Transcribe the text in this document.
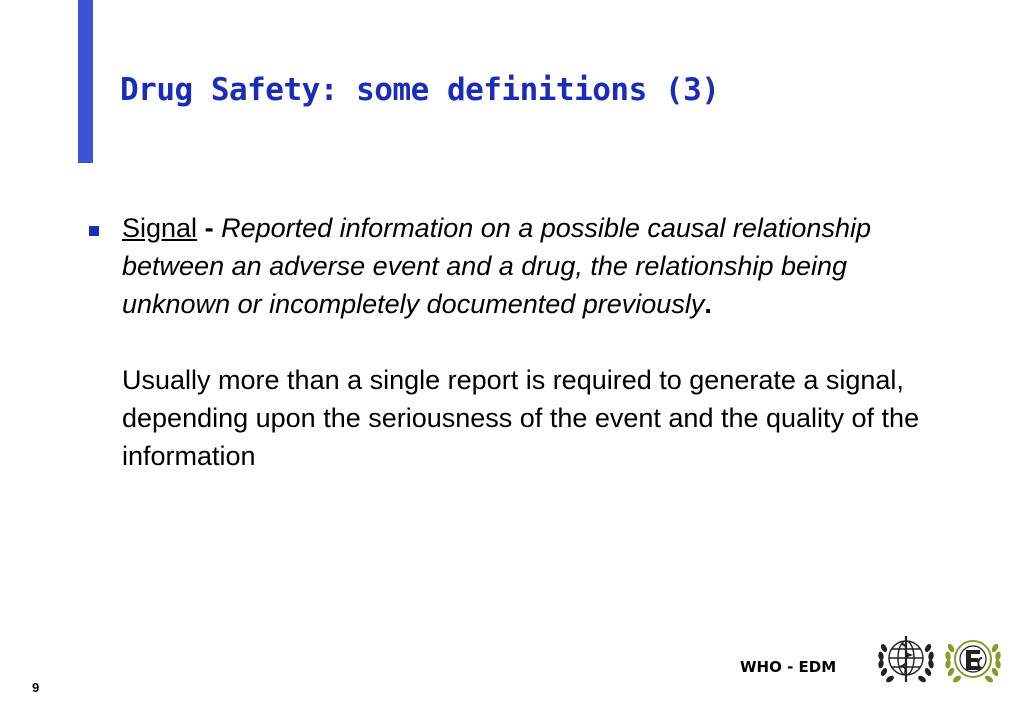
Drug Safety: some definitions (3)
Signal - Reported information on a possible causal relationship between an adverse event and a drug, the relationship being unknown or incompletely documented previously.
Usually more than a single report is required to generate a signal, depending upon the seriousness of the event and the quality of the information
9
WHO - EDM
